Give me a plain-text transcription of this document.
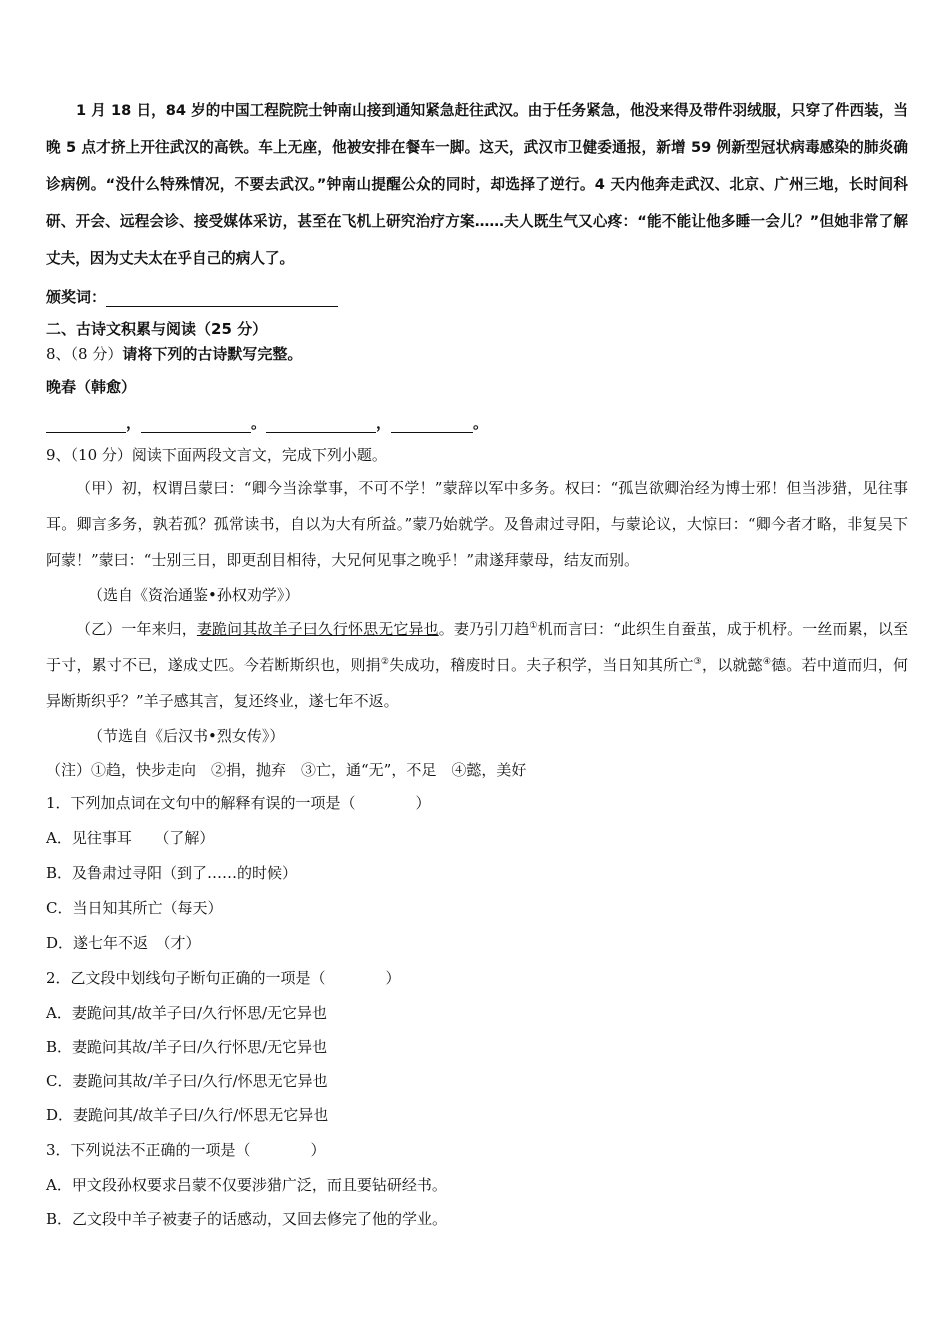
1 月 18 日，84 岁的中国工程院院士钟南山接到通知紧急赶往武汉。由于任务紧急，他没来得及带件羽绒服，只穿了件西装，当晚 5 点才挤上开往武汉的高铁。车上无座，他被安排在餐车一脚。这天，武汉市卫健委通报，新增 59 例新型冠状病毒感染的肺炎确诊病例。“没什么特殊情况，不要去武汉。”钟南山提醒公众的同时，却选择了逆行。4 天内他奔走武汉、北京、广州三地，长时间科研、开会、远程会诊、接受媒体采访，甚至在飞机上研究治疗方案……夫人既生气又心疼：“能不能让他多睡一会儿？”但她非常了解丈夫，因为丈夫太在乎自己的病人了。
颁奖词：
二、古诗文积累与阅读（25 分）
8、（8 分）请将下列的古诗默写完整。
晚春（韩愈）
，	。	，	。
9、（10 分）阅读下面两段文言文，完成下列小题。
（甲）初，权谓吕蒙曰：“卿今当涂掌事，不可不学！”蒙辞以军中多务。权曰：“孤岂欲卿治经为博士邪！但当涉猎，见往事耳。卿言多务，孰若孤？孤常读书，自以为大有所益。”蒙乃始就学。及鲁肃过寻阳，与蒙论议，大惊曰：“卿今者才略，非复吴下阿蒙！”蒙曰：“士别三日，即更刮目相待，大兄何见事之晚乎！”肃遂拜蒙母，结友而别。
（选自《资治通鉴•孙权劝学》）
（乙）一年来归，妻跪问其故羊子曰久行怀思无它异也。妻乃引刀趋①机而言曰：“此织生自蚕茧，成于机杼。一丝而累，以至于寸，累寸不已，遂成丈匹。今若断斯织也，则捐②失成功，稽废时日。夫子积学，当日知其所亡③，以就懿④德。若中道而归，何异断斯织乎？”羊子感其言，复还终业，遂七年不返。
（节选自《后汉书•烈女传》）
（注）①趋，快步走向　②捐，抛弃　③亡，通“无”，不足　④懿，美好
1．下列加点词在文句中的解释有误的一项是（　　　　）
A．见往事耳　　（了解）
B．及鲁肃过寻阳（到了……的时候）
C．当日知其所亡（每天）
D．遂七年不返　（才）
2．乙文段中划线句子断句正确的一项是（　　　　）
A．妻跪问其/故羊子曰/久行怀思/无它异也
B．妻跪问其故/羊子曰/久行怀思/无它异也
C．妻跪问其故/羊子曰/久行/怀思无它异也
D．妻跪问其/故羊子曰/久行/怀思无它异也
3．下列说法不正确的一项是（　　　　）
A．甲文段孙权要求吕蒙不仅要涉猎广泛，而且要钻研经书。
B．乙文段中羊子被妻子的话感动，又回去修完了他的学业。
